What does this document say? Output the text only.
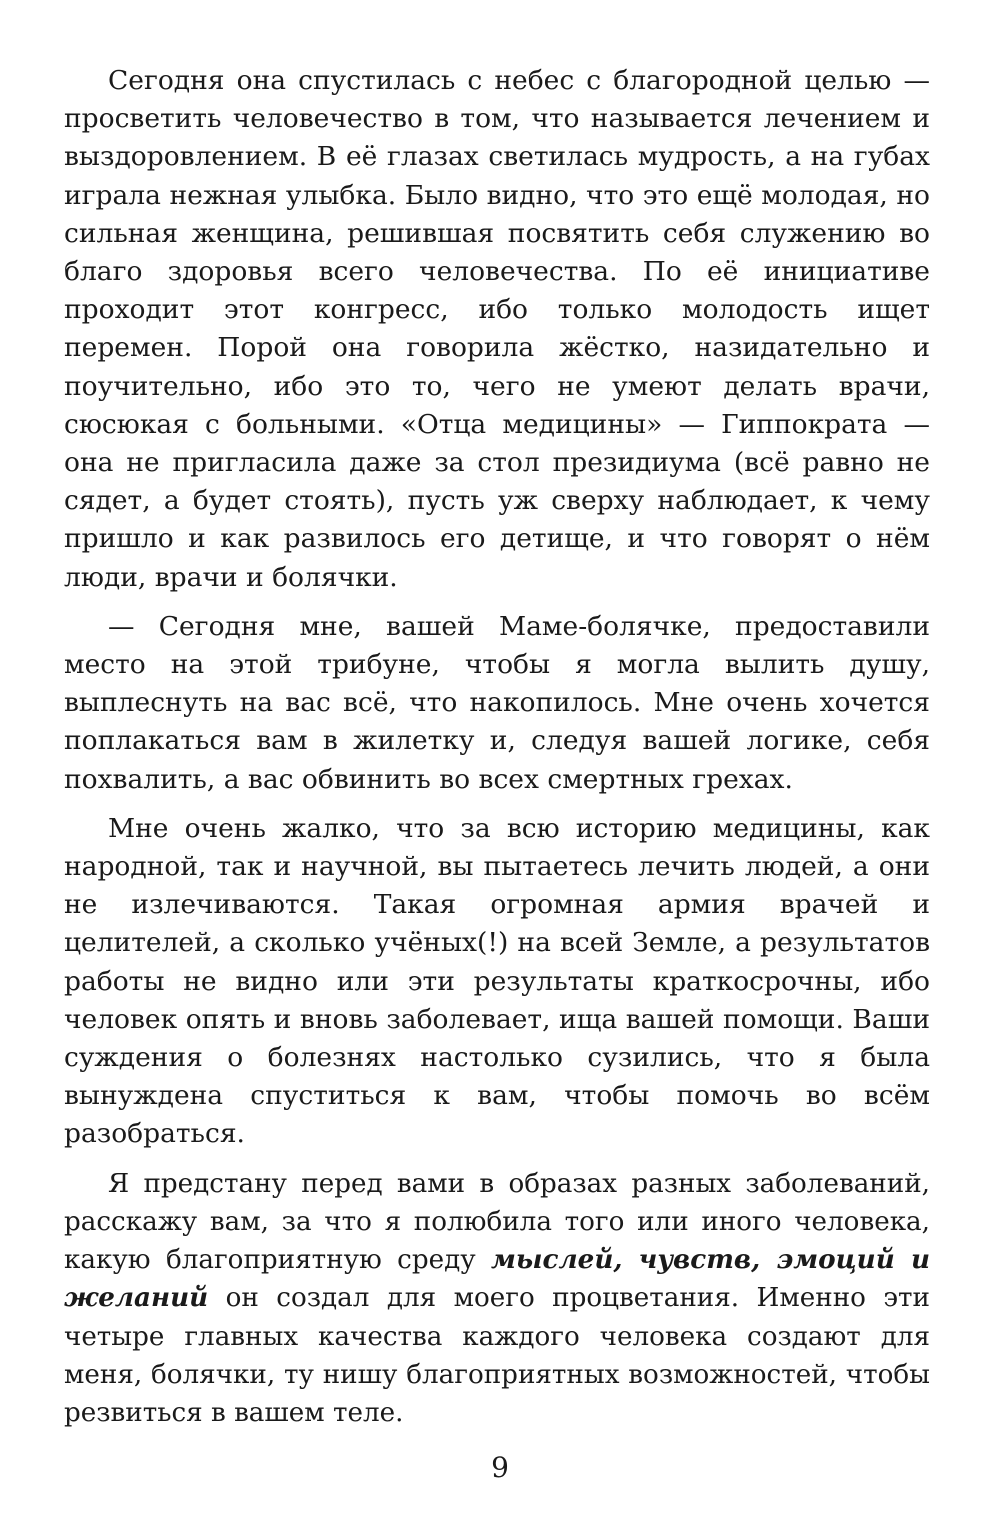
Сегодня она спустилась с небес с благородной целью — просветить человечество в том, что называется лечением и выздоровлением. В её глазах светилась мудрость, а на губах играла нежная улыбка. Было видно, что это ещё молодая, но сильная женщина, решившая посвятить себя служению во благо здоровья всего человечества. По её инициативе проходит этот конгресс, ибо только молодость ищет перемен. Порой она говорила жёстко, назидательно и поучительно, ибо это то, чего не умеют делать врачи, сюсюкая с больными. «Отца медицины» — Гиппократа — она не пригласила даже за стол президиума (всё равно не сядет, а будет стоять), пусть уж сверху наблюдает, к чему пришло и как развилось его детище, и что говорят о нём люди, врачи и болячки.

— Сегодня мне, вашей Маме-болячке, предоставили место на этой трибуне, чтобы я могла вылить душу, выплеснуть на вас всё, что накопилось. Мне очень хочется поплакаться вам в жилетку и, следуя вашей логике, себя похвалить, а вас обвинить во всех смертных грехах.

Мне очень жалко, что за всю историю медицины, как народной, так и научной, вы пытаетесь лечить людей, а они не излечиваются. Такая огромная армия врачей и целителей, а сколько учёных(!) на всей Земле, а результатов работы не видно или эти результаты краткосрочны, ибо человек опять и вновь заболевает, ища вашей помощи. Ваши суждения о болезнях настолько сузились, что я была вынуждена спуститься к вам, чтобы помочь во всём разобраться.

Я предстану перед вами в образах разных заболеваний, расскажу вам, за что я полюбила того или иного человека, какую благоприятную среду мыслей, чувств, эмоций и желаний он создал для моего процветания. Именно эти четыре главных качества каждого человека создают для меня, болячки, ту нишу благоприятных возможностей, чтобы резвиться в вашем теле.

9
